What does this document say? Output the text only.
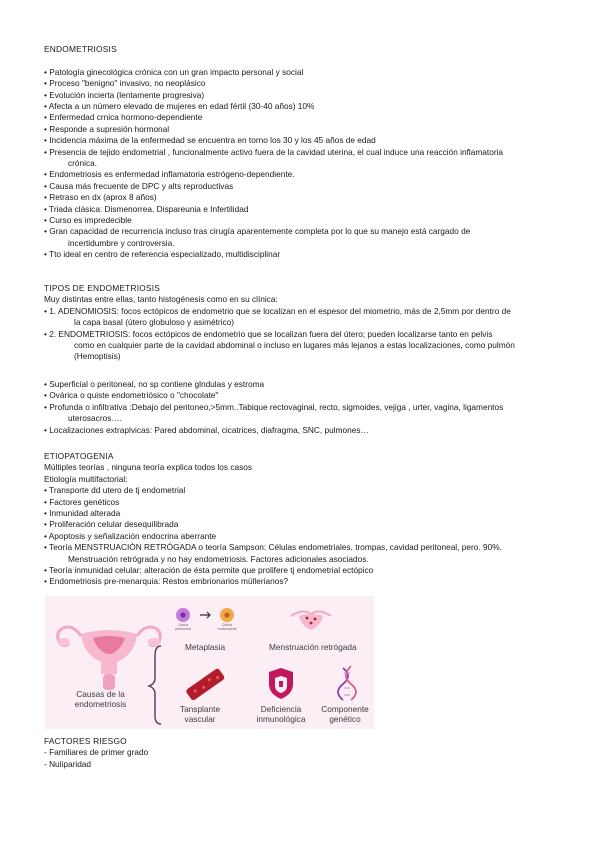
ENDOMETRIOSIS
• Patología ginecológica crónica con un gran impacto personal y social
• Proceso "benigno" invasivo, no neoplásico
• Evolución incierta (lentamente progresiva)
• Afecta a un número elevado de mujeres en edad fértil (30-40 años) 10%
• Enfermedad crnica hormono-dependiente
• Responde a supresión hormonal
• Incidencia máxima de la enfermedad se encuentra en torno los 30 y los 45 años de edad
• Presencia de tejido endometrial , funcionalmente activo fuera de la cavidad uterina, el cual induce una reacción inflamatoria
crónica.
• Endometriosis es enfermedad inflamatoria estrógeno-dependiente.
• Causa más frecuente de DPC y alts reproductivas
• Retraso en dx (aprox 8 años)
• Triada clásica: Dismenorrea, Dispareunia e Infertilidad
• Curso es impredecible
• Gran capacidad de recurrencia incluso tras cirugía aparentemente completa por lo que su manejo está cargado de
incertidumbre y controversia.
• Tto ideal en centro de referencia especializado, multidisciplinar
TIPOS DE ENDOMETRIOSIS
Muy distintas entre ellas, tanto histogénesis como en su clínica:
• 1. ADENOMIOSIS: focos ectópicos de endometrio que se localizan en el espesor del miometrio, más de 2,5mm por dentro de
la capa basal (útero globuloso y asimétrico)
• 2. ENDOMETRIOSIS: focos ectópicos de endometrio que se localizan fuera del útero; pueden localizarse tanto en pelvis
como en cualquier parte de la cavidad abdominal o incluso en lugares más lejanos a estas localizaciones, como pulmón
(Hemoptisis)
• Superficial o peritoneal, no sp contiene glndulas y estroma
• Ovárica o quiste endometriósico o "chocolate"
• Profunda o infiltrativa :Debajo del peritoneo,>5mm..Tabique rectovaginal, recto, sigmoides, vejiga , urter, vagina, ligamentos
uterosacros….
• Localizaciones extraplvicas: Pared abdominal, cicatrices, diafragma, SNC, pulmones…
ETIOPATOGENIA
Múltiples teorías , ninguna teoría explica todos los casos
Etiología multifactorial:
• Transporte dd utero de tj endometrial
• Factores genéticos
• Inmunidad alterada
• Proliferación celular desequilibrada
• Apoptosis y señalización endocrina aberrante
• Teoría MENSTRUACIÓN RETRÓGADA o teoría Sampson: Células endometriales, trompas, cavidad peritoneal, pero. 90%.
Menstruación retrógrada y no hay endometriosis. Factores adicionales asociados.
• Teoría inmunidad celular: alteración de ésta permite que prolifere tj endometrial ectópico
• Endometriosis pre-menarquia: Restos embrionarios müllerianos?
Causas de la endometriosis
Metaplasia	Menstruación retrógada
Tansplante vascular
Deficiencia inmunológica
Componente genético
Célula peritoneal
Célula endometrial
FACTORES RIESGO
- Familiares de primer grado
- Nuliparidad
